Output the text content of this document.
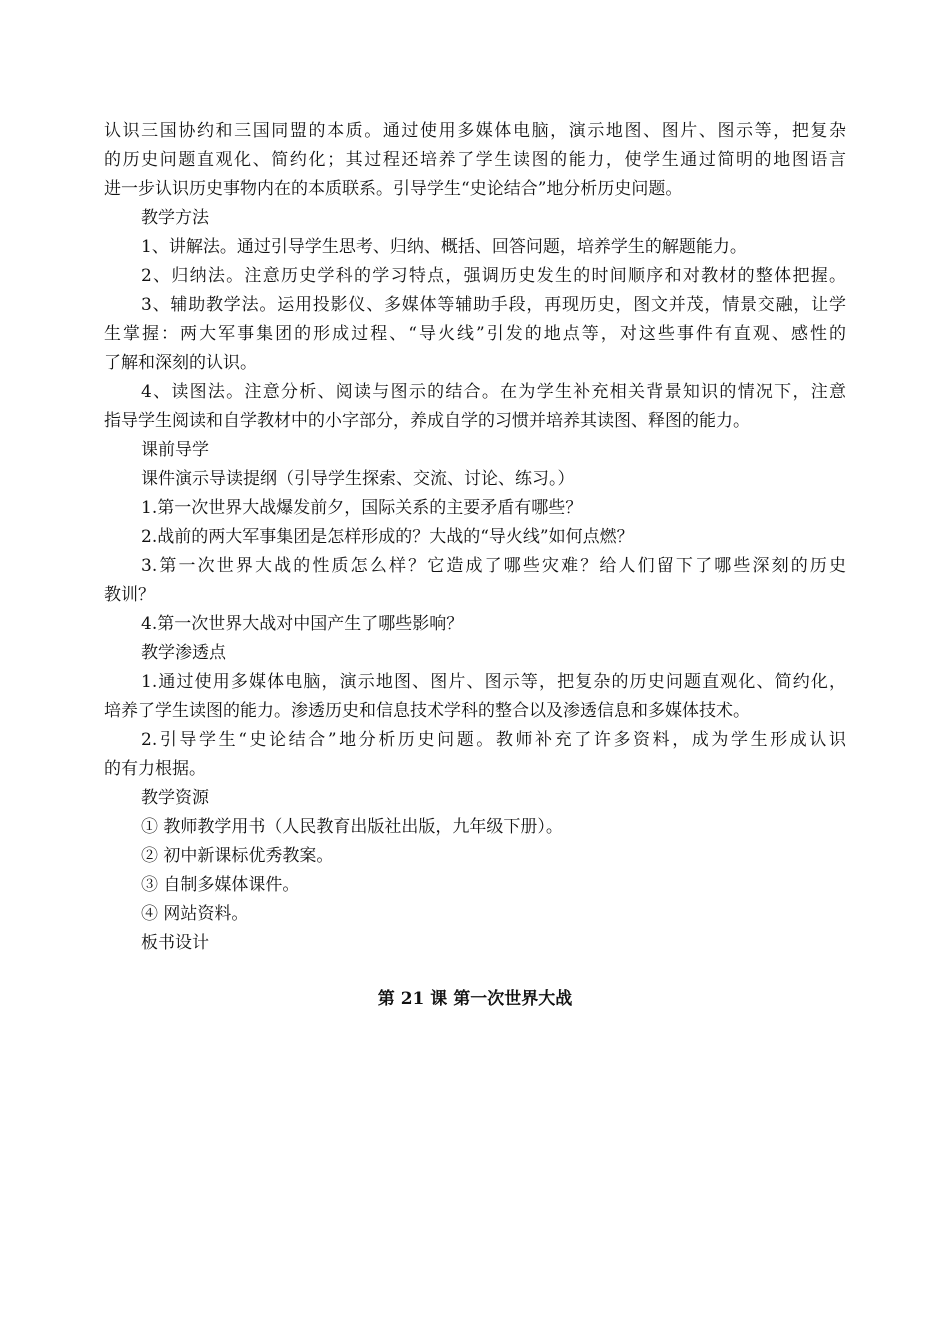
认识三国协约和三国同盟的本质。通过使用多媒体电脑，演示地图、图片、图示等，把复杂
的历史问题直观化、简约化；其过程还培养了学生读图的能力，使学生通过简明的地图语言
进一步认识历史事物内在的本质联系。引导学生“史论结合”地分析历史问题。
教学方法
1、讲解法。通过引导学生思考、归纳、概括、回答问题，培养学生的解题能力。
2、归纳法。注意历史学科的学习特点，强调历史发生的时间顺序和对教材的整体把握。
3、辅助教学法。运用投影仪、多媒体等辅助手段，再现历史，图文并茂，情景交融，让学
生掌握：两大军事集团的形成过程、“导火线”引发的地点等，对这些事件有直观、感性的
了解和深刻的认识。
4、读图法。注意分析、阅读与图示的结合。在为学生补充相关背景知识的情况下，注意
指导学生阅读和自学教材中的小字部分，养成自学的习惯并培养其读图、释图的能力。
课前导学
课件演示导读提纲（引导学生探索、交流、讨论、练习。）
1.第一次世界大战爆发前夕，国际关系的主要矛盾有哪些？
2.战前的两大军事集团是怎样形成的？大战的“导火线”如何点燃？
3.第一次世界大战的性质怎么样？它造成了哪些灾难？给人们留下了哪些深刻的历史
教训？
4.第一次世界大战对中国产生了哪些影响？
教学渗透点
1.通过使用多媒体电脑，演示地图、图片、图示等，把复杂的历史问题直观化、简约化，
培养了学生读图的能力。渗透历史和信息技术学科的整合以及渗透信息和多媒体技术。
2.引导学生“史论结合”地分析历史问题。教师补充了许多资料，成为学生形成认识
的有力根据。
教学资源
① 教师教学用书（人民教育出版社出版，九年级下册）。
② 初中新课标优秀教案。
③ 自制多媒体课件。
④ 网站资料。
板书设计
第 21 课 第一次世界大战
